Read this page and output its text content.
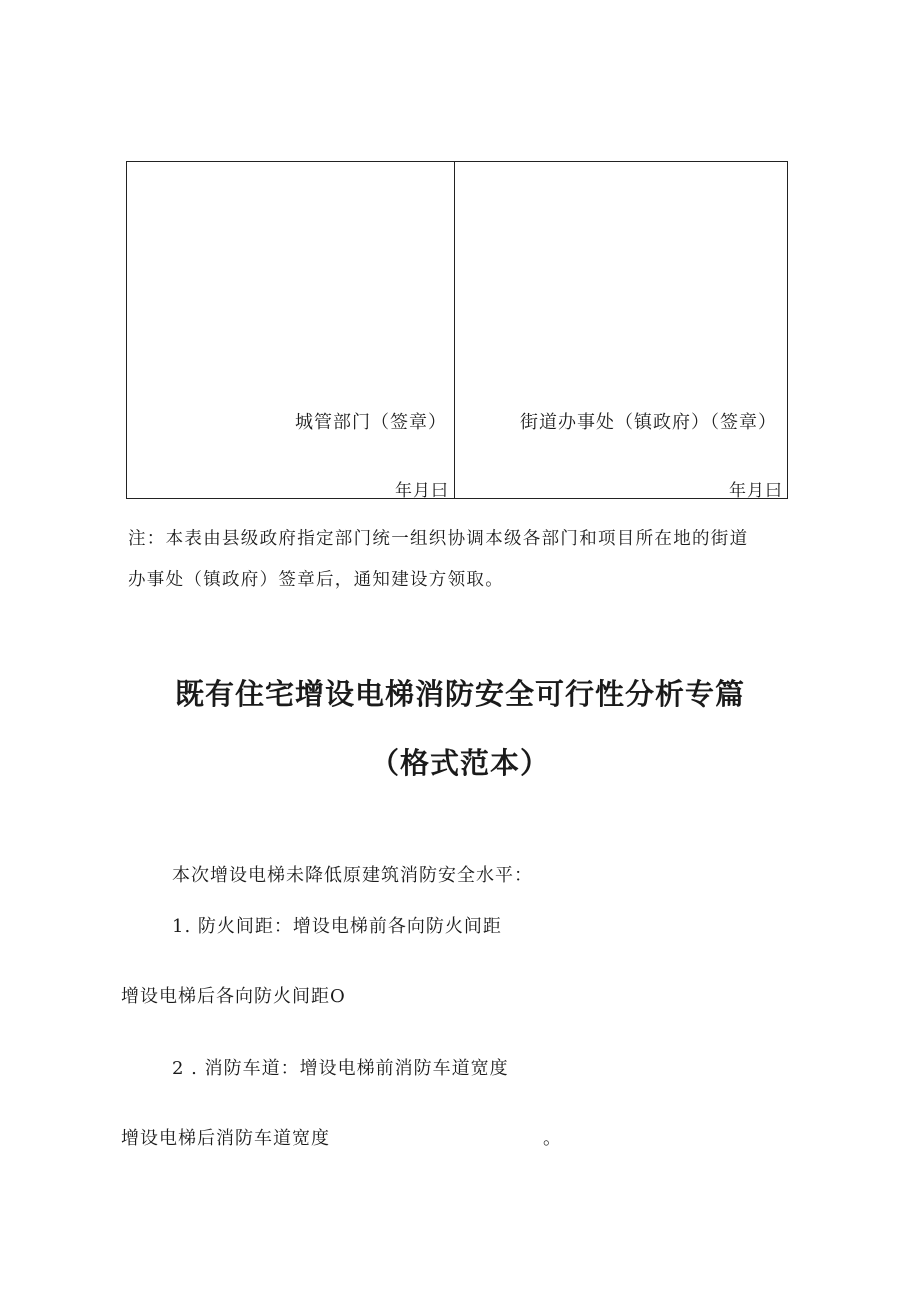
城管部门（签章）
年月曰
街道办事处（镇政府）（签章）
年月曰

注：本表由县级政府指定部门统一组织协调本级各部门和项目所在地的街道
办事处（镇政府）签章后，通知建设方领取。

既有住宅增设电梯消防安全可行性分析专篇
（格式范本）

本次增设电梯未降低原建筑消防安全水平：

1. 防火间距：增设电梯前各向防火间距

增设电梯后各向防火间距O

2 . 消防车道：增设电梯前消防车道宽度

增设电梯后消防车道宽度	。
